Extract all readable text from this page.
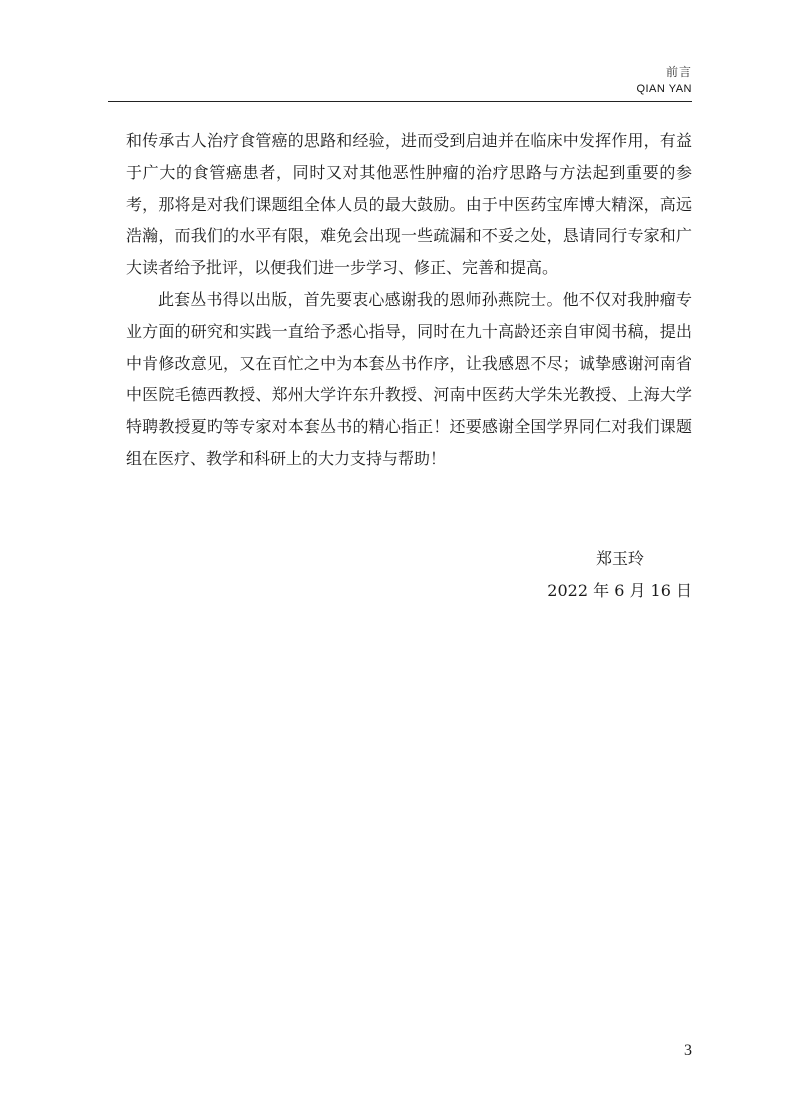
前言
QIAN YAN

和传承古人治疗食管癌的思路和经验，进而受到启迪并在临床中发挥作用，有益于广大的食管癌患者，同时又对其他恶性肿瘤的治疗思路与方法起到重要的参考，那将是对我们课题组全体人员的最大鼓励。由于中医药宝库博大精深，高远浩瀚，而我们的水平有限，难免会出现一些疏漏和不妥之处，恳请同行专家和广大读者给予批评，以便我们进一步学习、修正、完善和提高。

此套丛书得以出版，首先要衷心感谢我的恩师孙燕院士。他不仅对我肿瘤专业方面的研究和实践一直给予悉心指导，同时在九十高龄还亲自审阅书稿，提出中肯修改意见，又在百忙之中为本套丛书作序，让我感恩不尽；诚挚感谢河南省中医院毛德西教授、郑州大学许东升教授、河南中医药大学朱光教授、上海大学特聘教授夏旳等专家对本套丛书的精心指正！还要感谢全国学界同仁对我们课题组在医疗、教学和科研上的大力支持与帮助！

郑玉玲
2022 年 6 月 16 日
3
